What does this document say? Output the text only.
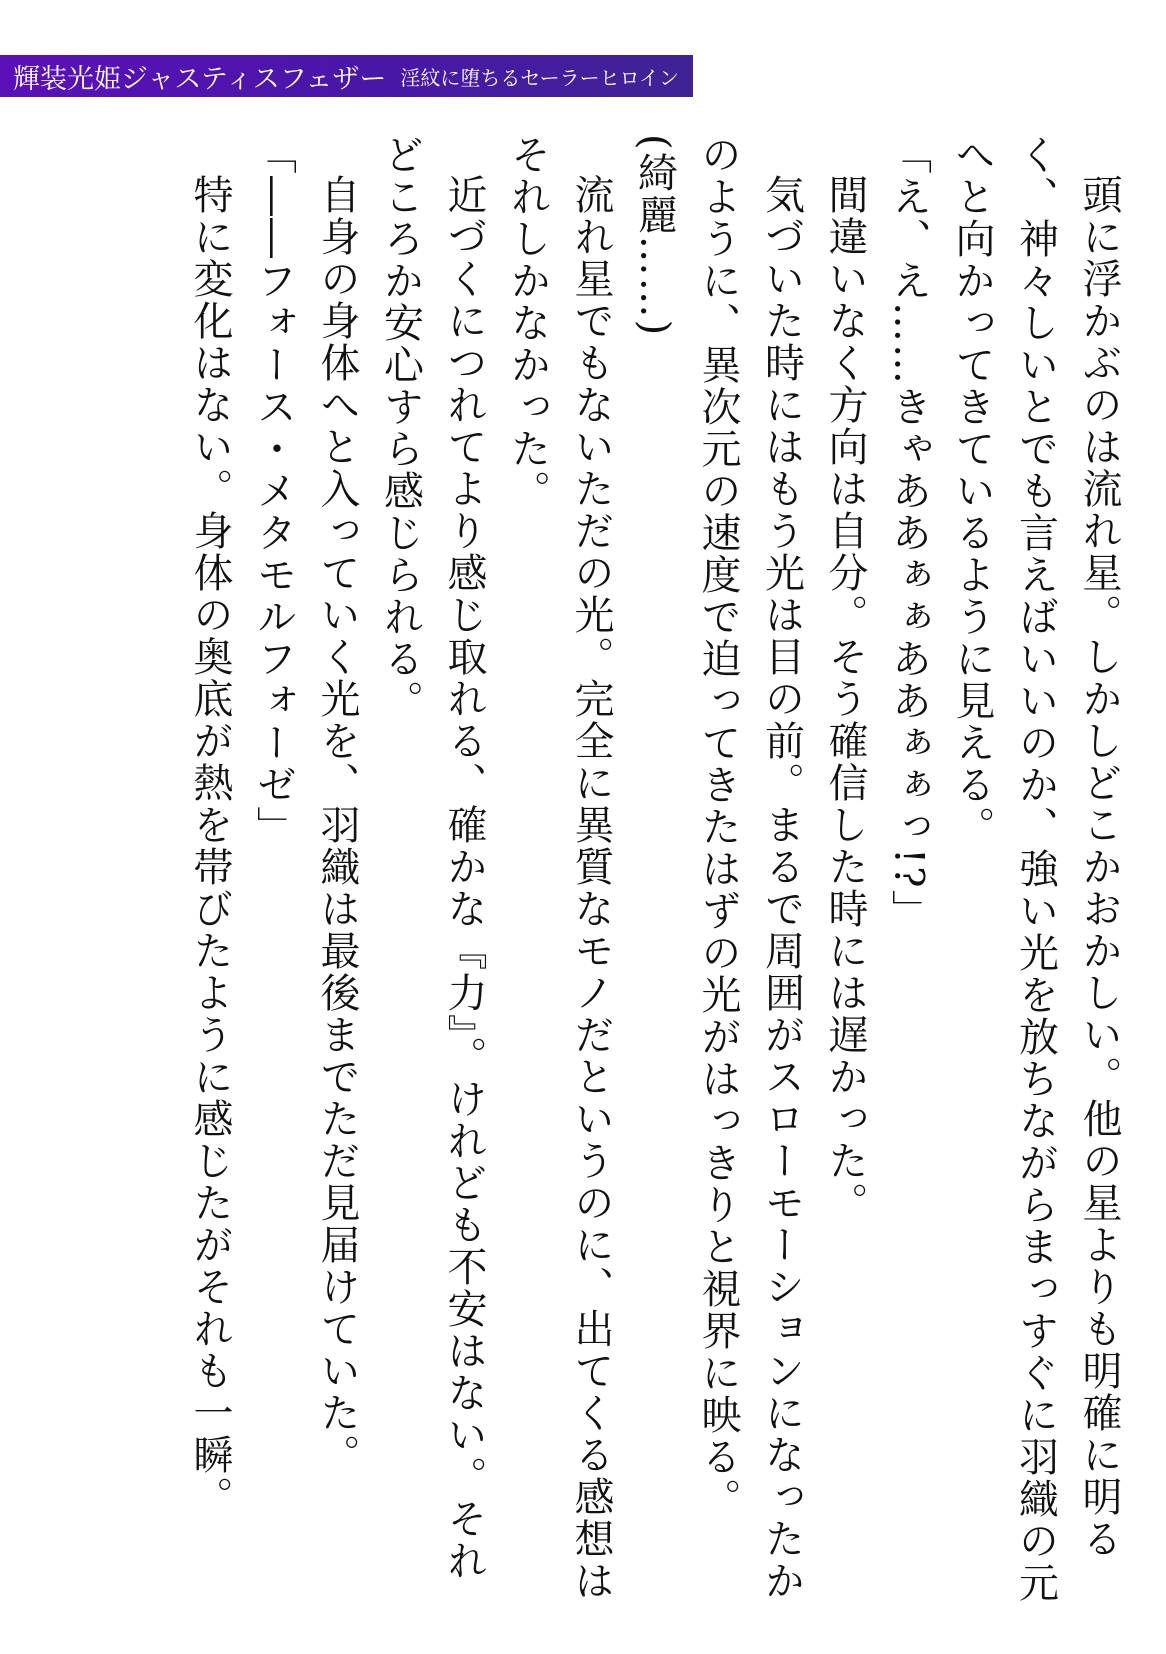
輝装光姫ジャスティスフェザー 淫紋に堕ちるセーラーヒロイン

頭に浮かぶのは流れ星。しかしどこかおかしい。他の星よりも明確に明るく、神々しいとでも言えばいいのか、強い光を放ちながらまっすぐに羽織の元へと向かってきているように見える。

「え、え……きゃああぁぁああぁぁっ!?」

間違いなく方向は自分。そう確信した時には遅かった。

気づいた時にはもう光は目の前。まるで周囲がスローモーションになったかのように、異次元の速度で迫ってきたはずの光がはっきりと視界に映る。

(綺麗……)

流れ星でもないただの光。完全に異質なモノだというのに、出てくる感想はそれしかなかった。

近づくにつれてより感じ取れる、確かな『力』。けれども不安はない。それどころか安心すら感じられる。

自身の身体へと入っていく光を、羽織は最後までただ見届けていた。

「――フォース・メタモルフォーゼ」

特に変化はない。身体の奥底が熱を帯びたように感じたがそれも一瞬。
